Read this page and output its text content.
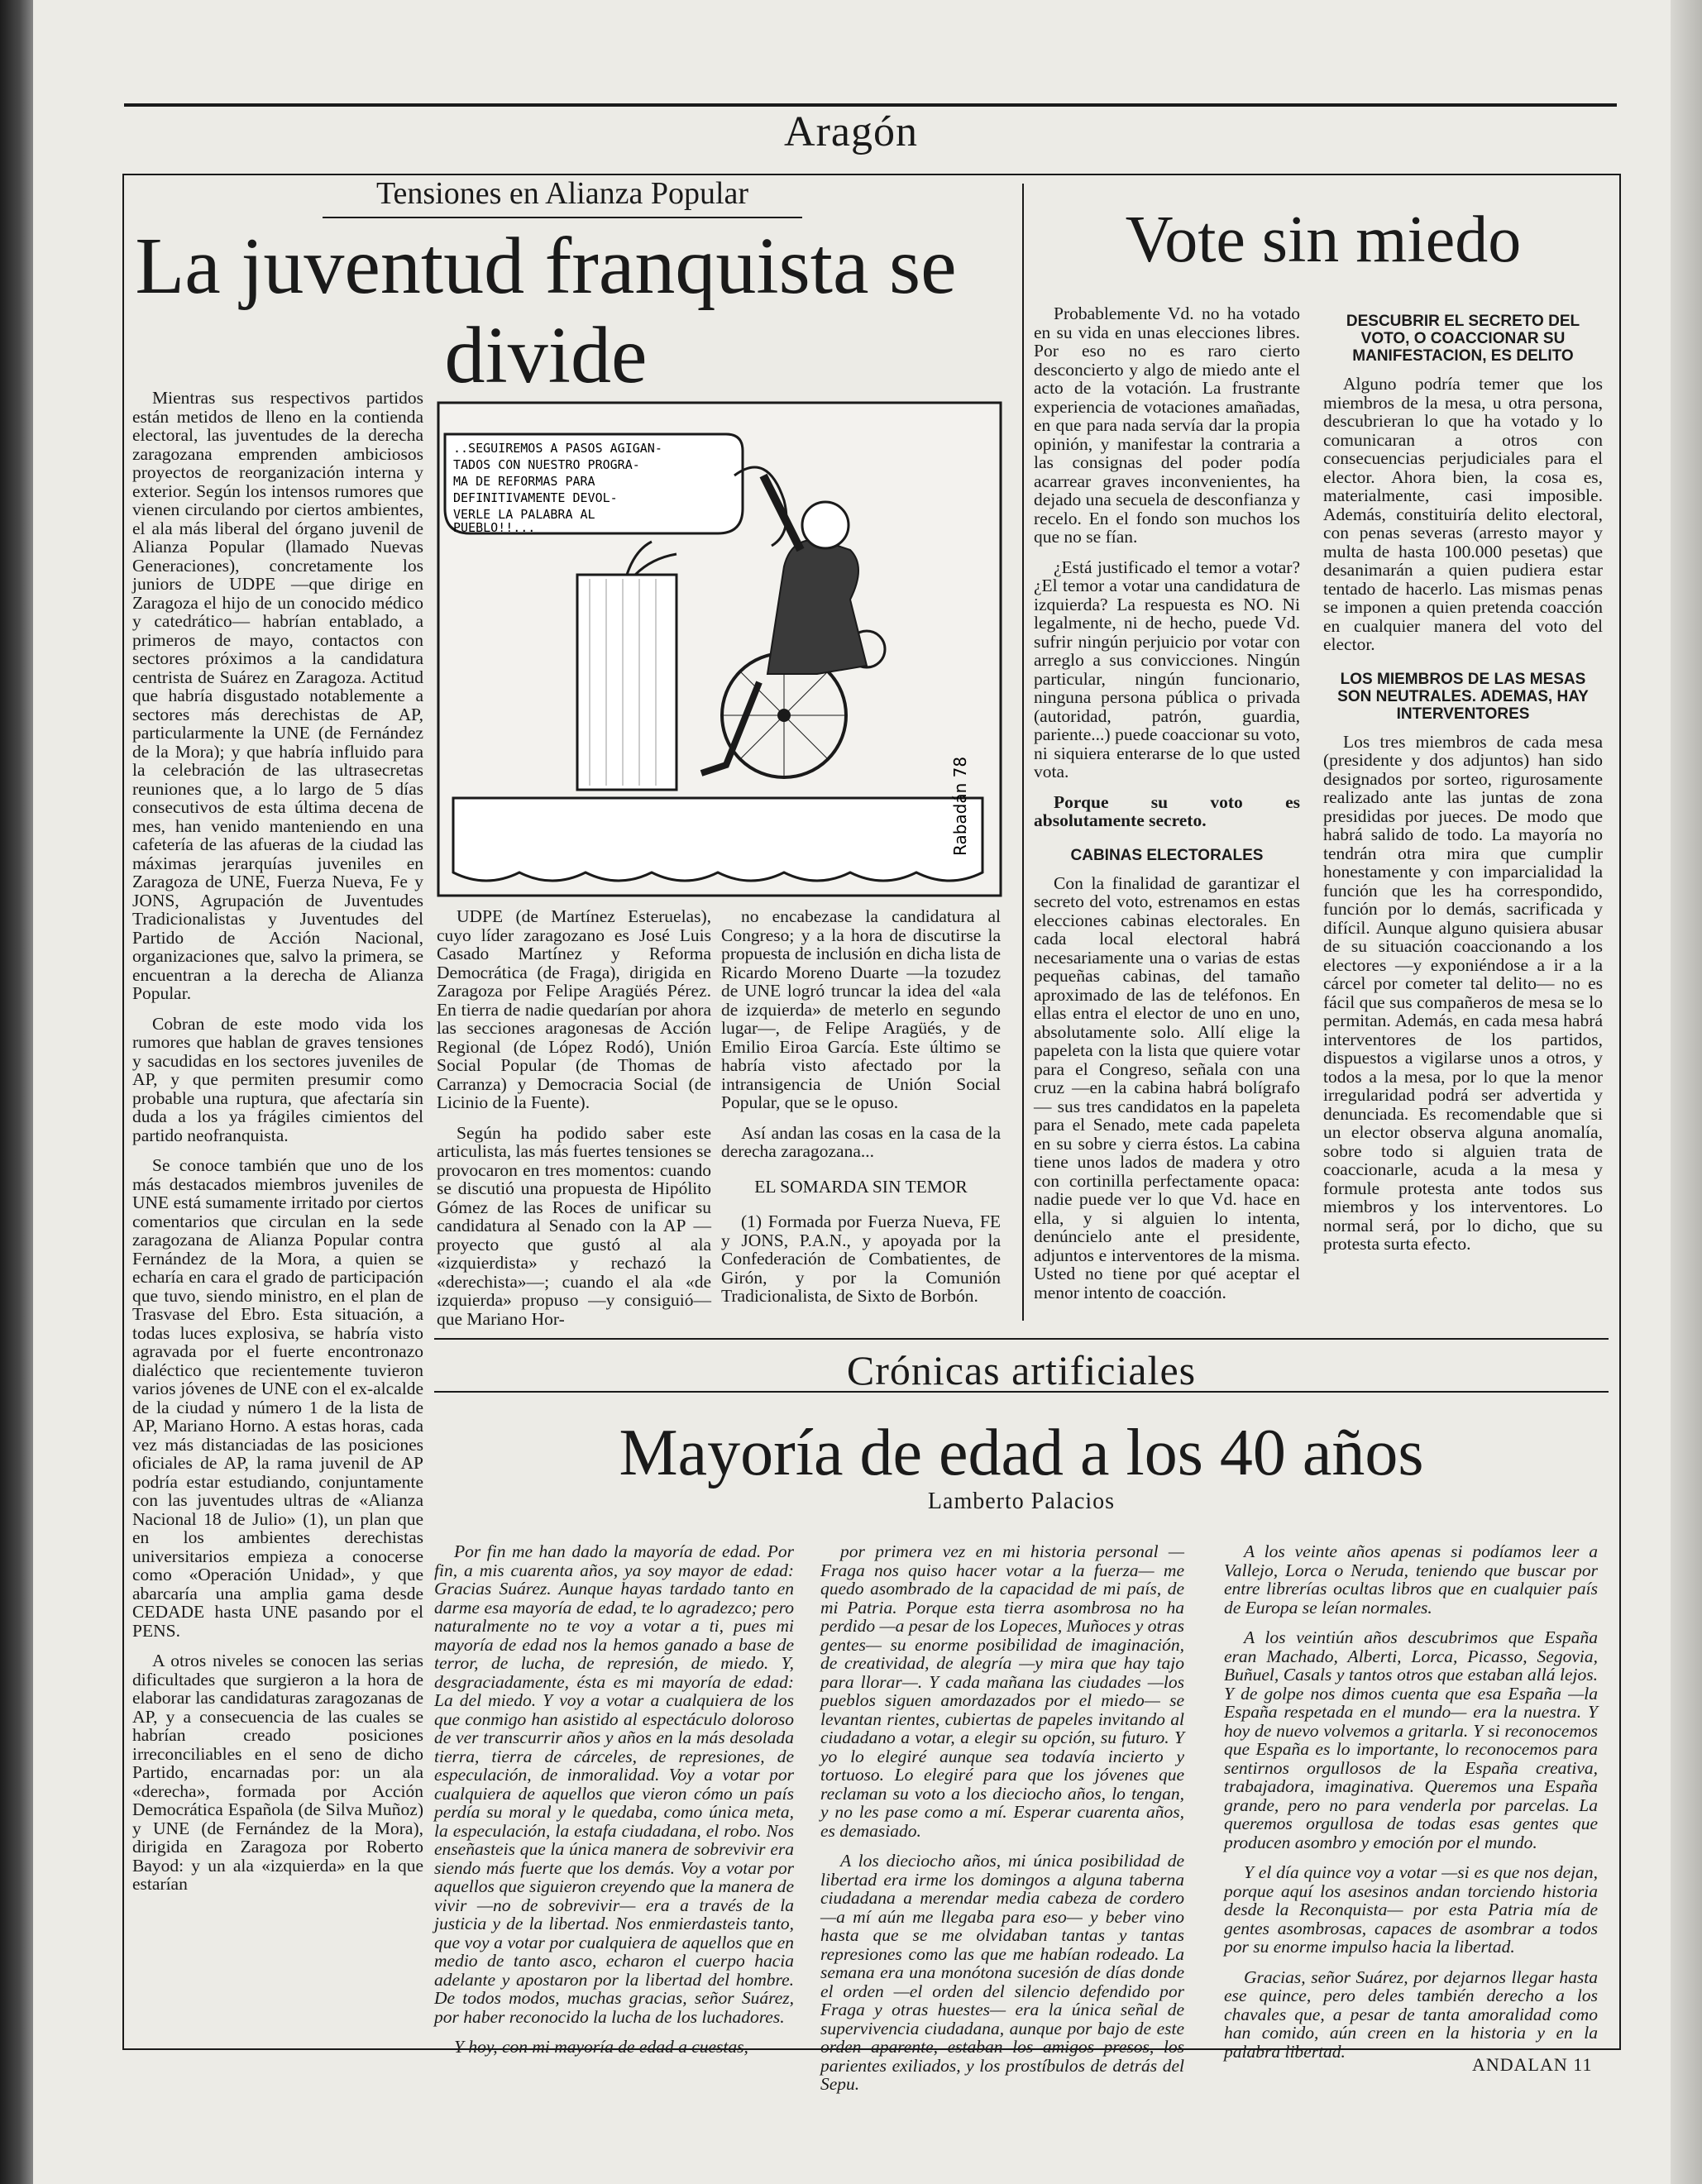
Aragón
Tensiones en Alianza Popular
La juventud franquista se divide

Mientras sus respectivos partidos están metidos de lleno en la contienda electoral, las juventudes de la derecha zaragozana emprenden ambiciosos proyectos de reorganización interna y exterior. Según los intensos rumores que vienen circulando por ciertos ambientes, el ala más liberal del órgano juvenil de Alianza Popular (llamado Nuevas Generaciones), concretamente los juniors de UDPE —que dirige en Zaragoza el hijo de un conocido médico y catedrático— habrían entablado, a primeros de mayo, contactos con sectores próximos a la candidatura centrista de Suárez en Zaragoza. Actitud que habría disgustado notablemente a sectores más derechistas de AP, particularmente la UNE (de Fernández de la Mora); y que habría influido para la celebración de las ultrasecretas reuniones que, a lo largo de 5 días consecutivos de esta última decena de mes, han venido manteniendo en una cafetería de las afueras de la ciudad las máximas jerarquías juveniles en Zaragoza de UNE, Fuerza Nueva, Fe y JONS, Agrupación de Juventudes Tradicionalistas y Juventudes del Partido de Acción Nacional, organizaciones que, salvo la primera, se encuentran a la derecha de Alianza Popular.

Cobran de este modo vida los rumores que hablan de graves tensiones y sacudidas en los sectores juveniles de AP, y que permiten presumir como probable una ruptura, que afectaría sin duda a los ya frágiles cimientos del partido neofranquista.

Se conoce también que uno de los más destacados miembros juveniles de UNE está sumamente irritado por ciertos comentarios que circulan en la sede zaragozana de Alianza Popular contra Fernández de la Mora, a quien se echaría en cara el grado de participación que tuvo, siendo ministro, en el plan de Trasvase del Ebro. Esta situación, a todas luces explosiva, se habría visto agravada por el fuerte encontronazo dialéctico que recientemente tuvieron varios jóvenes de UNE con el ex-alcalde de la ciudad y número 1 de la lista de AP, Mariano Horno. A estas horas, cada vez más distanciadas de las posiciones oficiales de AP, la rama juvenil de AP podría estar estudiando, conjuntamente con las juventudes ultras de «Alianza Nacional 18 de Julio» (1), un plan que en los ambientes derechistas universitarios empieza a conocerse como «Operación Unidad», y que abarcaría una amplia gama desde CEDADE hasta UNE pasando por el PENS.

A otros niveles se conocen las serias dificultades que surgieron a la hora de elaborar las candidaturas zaragozanas de AP, y a consecuencia de las cuales se habrían creado posiciones irreconciliables en el seno de dicho Partido, encarnadas por: un ala «derecha», formada por Acción Democrática Española (de Silva Muñoz) y UNE (de Fernández de la Mora), dirigida en Zaragoza por Roberto Bayod: y un ala «izquierda» en la que estarían

..SEGUIREMOS A PASOS AGIGAN-
TADOS CON NUESTRO PROGRA-
MA DE REFORMAS PARA
DEFINITIVAMENTE DEVOL-
VERLE LA PALABRA AL
PUEBLO!!...
Rabadán 78

UDPE (de Martínez Esteruelas), cuyo líder zaragozano es José Luis Casado Martínez y Reforma Democrática (de Fraga), dirigida en Zaragoza por Felipe Aragüés Pérez. En tierra de nadie quedarían por ahora las secciones aragonesas de Acción Regional (de López Rodó), Unión Social Popular (de Thomas de Carranza) y Democracia Social (de Licinio de la Fuente).

Según ha podido saber este articulista, las más fuertes tensiones se provocaron en tres momentos: cuando se discutió una propuesta de Hipólito Gómez de las Roces de unificar su candidatura al Senado con la AP —proyecto que gustó al ala «izquierdista» y rechazó la «derechista»—; cuando el ala «de izquierda» propuso —y consiguió— que Mariano Hor-

no encabezase la candidatura al Congreso; y a la hora de discutirse la propuesta de inclusión en dicha lista de Ricardo Moreno Duarte —la tozudez de UNE logró truncar la idea del «ala de izquierda» de meterlo en segundo lugar—, de Felipe Aragüés, y de Emilio Eiroa García. Este último se habría visto afectado por la intransigencia de Unión Social Popular, que se le opuso.

Así andan las cosas en la casa de la derecha zaragozana...

EL SOMARDA SIN TEMOR

(1) Formada por Fuerza Nueva, FE y JONS, P.A.N., y apoyada por la Confederación de Combatientes, de Girón, y por la Comunión Tradicionalista, de Sixto de Borbón.

Vote sin miedo

Probablemente Vd. no ha votado en su vida en unas elecciones libres. Por eso no es raro cierto desconcierto y algo de miedo ante el acto de la votación. La frustrante experiencia de votaciones amañadas, en que para nada servía dar la propia opinión, y manifestar la contraria a las consignas del poder podía acarrear graves inconvenientes, ha dejado una secuela de desconfianza y recelo. En el fondo son muchos los que no se fían.

¿Está justificado el temor a votar? ¿El temor a votar una candidatura de izquierda? La respuesta es NO. Ni legalmente, ni de hecho, puede Vd. sufrir ningún perjuicio por votar con arreglo a sus convicciones. Ningún particular, ningún funcionario, ninguna persona pública o privada (autoridad, patrón, guardia, pariente...) puede coaccionar su voto, ni siquiera enterarse de lo que usted vota.

Porque su voto es absolutamente secreto.

CABINAS ELECTORALES

Con la finalidad de garantizar el secreto del voto, estrenamos en estas elecciones cabinas electorales. En cada local electoral habrá necesariamente una o varias de estas pequeñas cabinas, del tamaño aproximado de las de teléfonos. En ellas entra el elector de uno en uno, absolutamente solo. Allí elige la papeleta con la lista que quiere votar para el Congreso, señala con una cruz —en la cabina habrá bolígrafo— sus tres candidatos en la papeleta para el Senado, mete cada papeleta en su sobre y cierra éstos. La cabina tiene unos lados de madera y otro con cortinilla perfectamente opaca: nadie puede ver lo que Vd. hace en ella, y si alguien lo intenta, denúncielo ante el presidente, adjuntos e interventores de la misma. Usted no tiene por qué aceptar el menor intento de coacción.

DESCUBRIR EL SECRETO DEL VOTO, O COACCIONAR SU MANIFESTACION, ES DELITO

Alguno podría temer que los miembros de la mesa, u otra persona, descubrieran lo que ha votado y lo comunicaran a otros con consecuencias perjudiciales para el elector. Ahora bien, la cosa es, materialmente, casi imposible. Además, constituiría delito electoral, con penas severas (arresto mayor y multa de hasta 100.000 pesetas) que desanimarán a quien pudiera estar tentado de hacerlo. Las mismas penas se imponen a quien pretenda coacción en cualquier manera del voto del elector.

LOS MIEMBROS DE LAS MESAS SON NEUTRALES. ADEMAS, HAY INTERVENTORES

Los tres miembros de cada mesa (presidente y dos adjuntos) han sido designados por sorteo, rigurosamente realizado ante las juntas de zona presididas por jueces. De modo que habrá salido de todo. La mayoría no tendrán otra mira que cumplir honestamente y con imparcialidad la función que les ha correspondido, función por lo demás, sacrificada y difícil. Aunque alguno quisiera abusar de su situación coaccionando a los electores —y exponiéndose a ir a la cárcel por cometer tal delito— no es fácil que sus compañeros de mesa se lo permitan. Además, en cada mesa habrá interventores de los partidos, dispuestos a vigilarse unos a otros, y todos a la mesa, por lo que la menor irregularidad podrá ser advertida y denunciada. Es recomendable que si un elector observa alguna anomalía, sobre todo si alguien trata de coaccionarle, acuda a la mesa y formule protesta ante todos sus miembros y los interventores. Lo normal será, por lo dicho, que su protesta surta efecto.

Crónicas artificiales
Mayoría de edad a los 40 años
Lamberto Palacios

Por fin me han dado la mayoría de edad. Por fin, a mis cuarenta años, ya soy mayor de edad: Gracias Suárez. Aunque hayas tardado tanto en darme esa mayoría de edad, te lo agradezco; pero naturalmente no te voy a votar a ti, pues mi mayoría de edad nos la hemos ganado a base de terror, de lucha, de represión, de miedo. Y, desgraciadamente, ésta es mi mayoría de edad: La del miedo. Y voy a votar a cualquiera de los que conmigo han asistido al espectáculo doloroso de ver transcurrir años y años en la más desolada tierra, tierra de cárceles, de represiones, de especulación, de inmoralidad. Voy a votar por cualquiera de aquellos que vieron cómo un país perdía su moral y le quedaba, como única meta, la especulación, la estafa ciudadana, el robo. Nos enseñasteis que la única manera de sobrevivir era siendo más fuerte que los demás. Voy a votar por aquellos que siguieron creyendo que la manera de vivir —no de sobrevivir— era a través de la justicia y de la libertad. Nos enmierdasteis tanto, que voy a votar por cualquiera de aquellos que en medio de tanto asco, echaron el cuerpo hacia adelante y apostaron por la libertad del hombre. De todos modos, muchas gracias, señor Suárez, por haber reconocido la lucha de los luchadores.

Y hoy, con mi mayoría de edad a cuestas,

por primera vez en mi historia personal —Fraga nos quiso hacer votar a la fuerza— me quedo asombrado de la capacidad de mi país, de mi Patria. Porque esta tierra asombrosa no ha perdido —a pesar de los Lopeces, Muñoces y otras gentes— su enorme posibilidad de imaginación, de creatividad, de alegría —y mira que hay tajo para llorar—. Y cada mañana las ciudades —los pueblos siguen amordazados por el miedo— se levantan rientes, cubiertas de papeles invitando al ciudadano a votar, a elegir su opción, su futuro. Y yo lo elegiré aunque sea todavía incierto y tortuoso. Lo elegiré para que los jóvenes que reclaman su voto a los dieciocho años, lo tengan, y no les pase como a mí. Esperar cuarenta años, es demasiado.

A los dieciocho años, mi única posibilidad de libertad era irme los domingos a alguna taberna ciudadana a merendar media cabeza de cordero —a mí aún me llegaba para eso— y beber vino hasta que se me olvidaban tantas y tantas represiones como las que me habían rodeado. La semana era una monótona sucesión de días donde el orden —el orden del silencio defendido por Fraga y otras huestes— era la única señal de supervivencia ciudadana, aunque por bajo de este orden aparente, estaban los amigos presos, los parientes exiliados, y los prostíbulos de detrás del Sepu.

A los veinte años apenas si podíamos leer a Vallejo, Lorca o Neruda, teniendo que buscar por entre librerías ocultas libros que en cualquier país de Europa se leían normales.

A los veintiún años descubrimos que España eran Machado, Alberti, Lorca, Picasso, Segovia, Buñuel, Casals y tantos otros que estaban allá lejos. Y de golpe nos dimos cuenta que esa España —la España respetada en el mundo— era la nuestra. Y hoy de nuevo volvemos a gritarla. Y si reconocemos que España es lo importante, lo reconocemos para sentirnos orgullosos de la España creativa, trabajadora, imaginativa. Queremos una España grande, pero no para venderla por parcelas. La queremos orgullosa de todas esas gentes que producen asombro y emoción por el mundo.

Y el día quince voy a votar —si es que nos dejan, porque aquí los asesinos andan torciendo historia desde la Reconquista— por esta Patria mía de gentes asombrosas, capaces de asombrar a todos por su enorme impulso hacia la libertad.

Gracias, señor Suárez, por dejarnos llegar hasta ese quince, pero deles también derecho a los chavales que, a pesar de tanta amoralidad como han comido, aún creen en la historia y en la palabra libertad.

ANDALAN 11
